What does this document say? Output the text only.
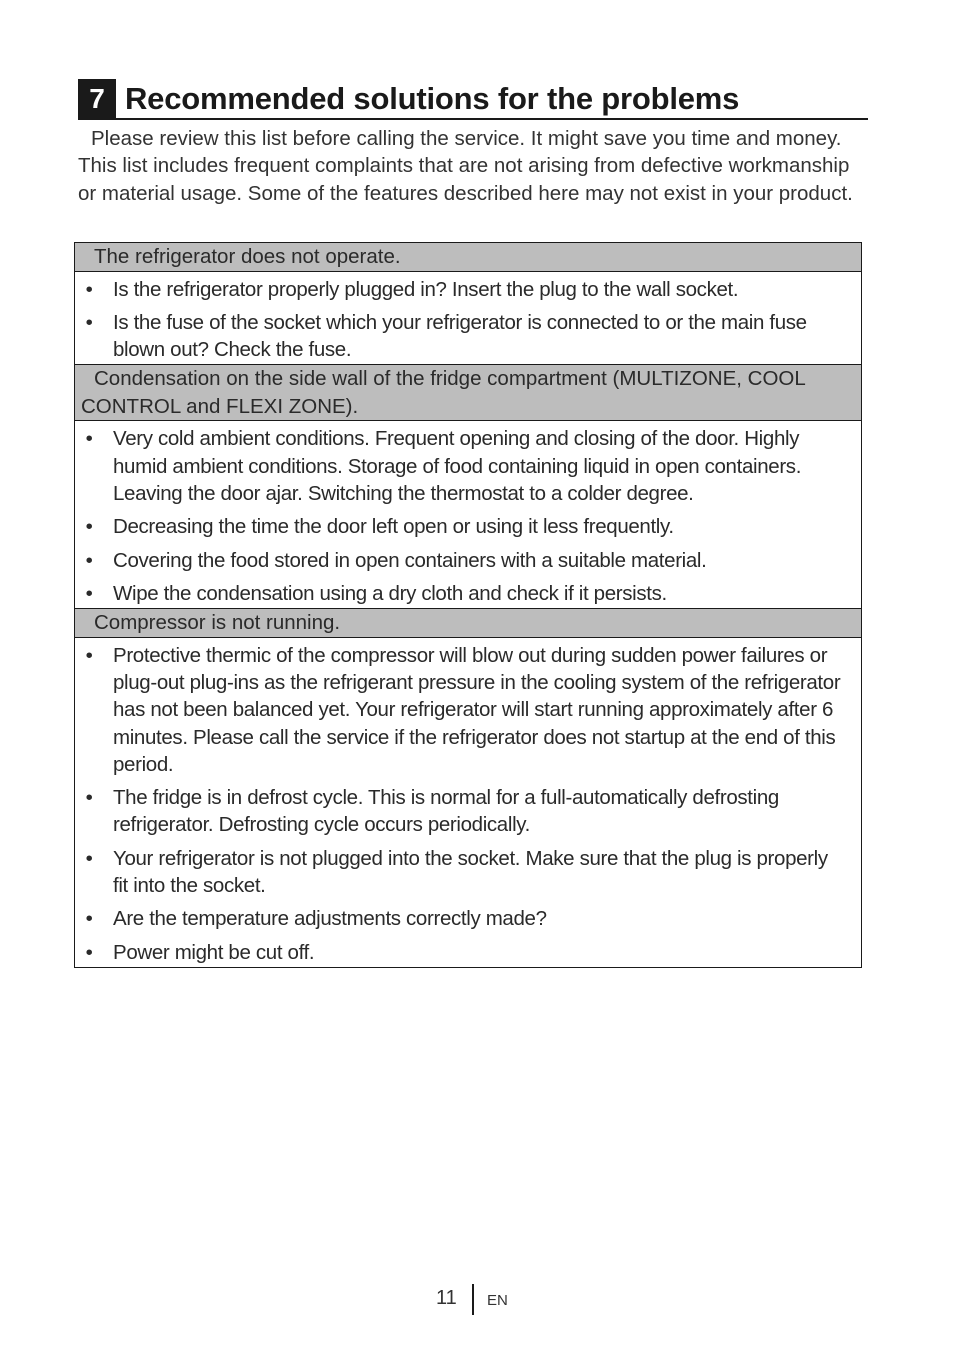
7 Recommended solutions for the problems

Please review this list before calling the service. It might save you time and money. This list includes frequent complaints that are not arising from defective workmanship or material usage. Some of the features described here may not exist in your product.

The refrigerator does not operate.
• Is the refrigerator properly plugged in? Insert the plug to the wall socket.
• Is the fuse of the socket which your refrigerator is connected to or the main fuse blown out? Check the fuse.
Condensation on the side wall of the fridge compartment (MULTIZONE, COOL CONTROL and FLEXI ZONE).
• Very cold ambient conditions. Frequent opening and closing of the door. Highly humid ambient conditions. Storage of food containing liquid in open containers. Leaving the door ajar. Switching the thermostat to a colder degree.
• Decreasing the time the door left open or using it less frequently.
• Covering the food stored in open containers with a suitable material.
• Wipe the condensation using a dry cloth and check if it persists.
Compressor is not running.
• Protective thermic of the compressor will blow out during sudden power failures or plug-out plug-ins as the refrigerant pressure in the cooling system of the refrigerator has not been balanced yet. Your refrigerator will start running approximately after 6 minutes. Please call the service if the refrigerator does not startup at the end of this period.
• The fridge is in defrost cycle. This is normal for a full-automatically defrosting refrigerator. Defrosting cycle occurs periodically.
• Your refrigerator is not plugged into the socket. Make sure that the plug is properly fit into the socket.
• Are the temperature adjustments correctly made?
• Power might be cut off.
11 EN
